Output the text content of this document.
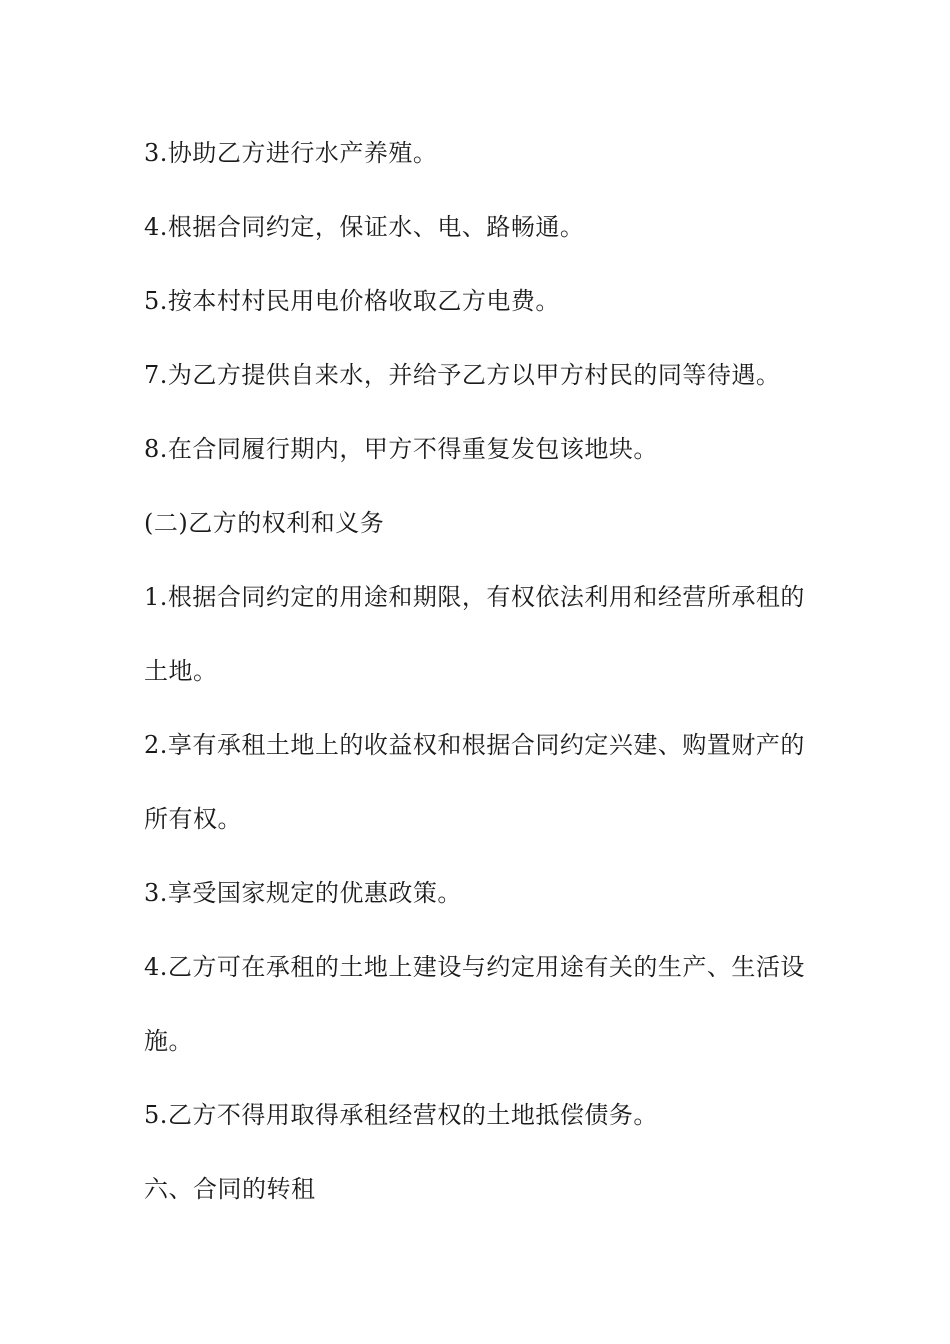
3.协助乙方进行水产养殖。

4.根据合同约定，保证水、电、路畅通。

5.按本村村民用电价格收取乙方电费。

7.为乙方提供自来水，并给予乙方以甲方村民的同等待遇。

8.在合同履行期内，甲方不得重复发包该地块。

(二)乙方的权利和义务

1.根据合同约定的用途和期限，有权依法利用和经营所承租的

土地。

2.享有承租土地上的收益权和根据合同约定兴建、购置财产的

所有权。

3.享受国家规定的优惠政策。

4.乙方可在承租的土地上建设与约定用途有关的生产、生活设

施。

5.乙方不得用取得承租经营权的土地抵偿债务。

六、合同的转租
